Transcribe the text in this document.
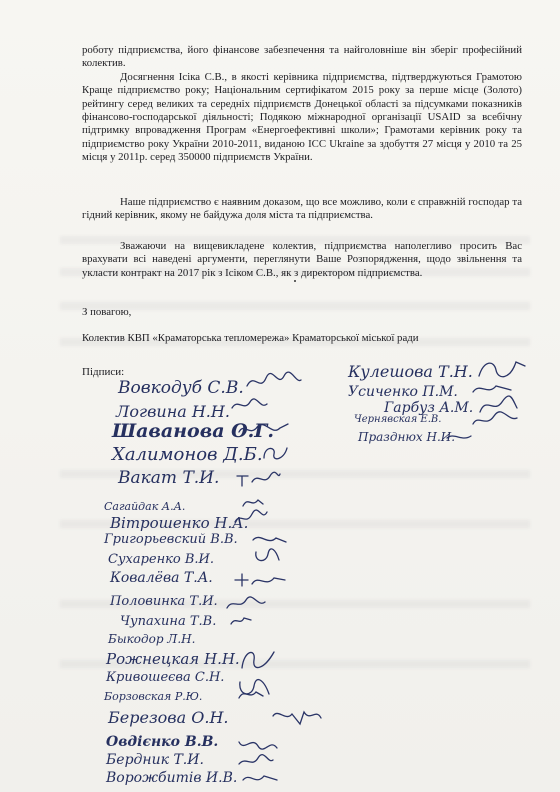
роботу підприємства, його фінансове забезпечення та найголовніше він зберіг професійний колектив.

Досягнення Ісіка С.В., в якості керівника підприємства, підтверджуються Грамотою Краще підприємство року; Національним сертифікатом 2015 року за перше місце (Золото) рейтингу серед великих та середніх підприємств Донецької області за підсумками показників фінансово-господарської діяльності; Подякою міжнародної організації USAID за всебічну підтримку впровадження Програм «Енергоефективні школи»; Грамотами керівник року та підприємство року України 2010-2011, виданою ICC Ukraine за здобуття 27 місця у 2010 та 25 місця у 2011р. серед 350000 підприємств України.

Наше підприємство є наявним доказом, що все можливо, коли є справжній господар та гідний керівник, якому не байдужа доля міста та підприємства.

Зважаючи на вищевикладене колектив, підприємства наполегливо просить Вас врахувати всі наведені аргументи, переглянути Ваше Розпорядження, щодо звільнення та укласти контракт на 2017 рік з Ісіком С.В., як з директором підприємства.

З повагою,
Колектив КВП «Краматорська тепломережа» Краматорської міської ради
Підписи:
Вовкодуб С.В.
Логвина Н.Н.
Шаванова О.Г.
Халимонов Д.Б.
Вакат Т.И.
Сагайдак А.А.
Вітрошенко Н.А.
Григорьевский В.В.
Сухаренко В.И.
Ковалёва Т.А.
Половинка Т.И.
Чупахина Т.В.
Быкодор Л.Н.
Рожнецкая Н.Н.
Кривошеєва С.Н.
Борзовская Р.Ю.
Березова О.Н.
Овдієнко В.В.
Бердник Т.И.
Ворожбитів И.В.
Кулешова Т.Н.
Усиченко П.М.
Гарбуз А.М.
Чернявская Е.В.
Празднюх Н.И.
